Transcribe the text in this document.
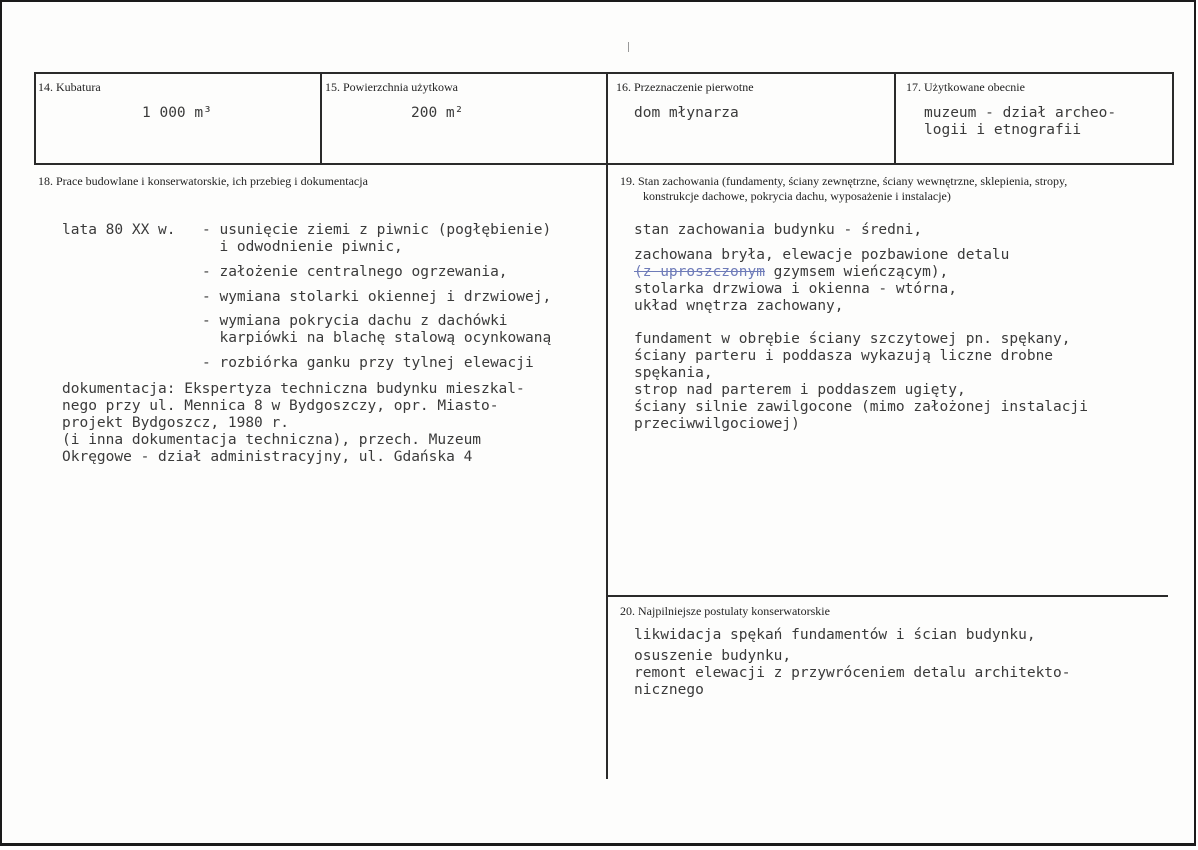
14. Kubatura
1 000 m³
15. Powierzchnia użytkowa
200 m²
16. Przeznaczenie pierwotne
dom młynarza
17. Użytkowane obecnie
muzeum - dział archeo-
logii i etnografii
18. Prace budowlane i konserwatorskie, ich przebieg i dokumentacja
lata 80 XX w. - usunięcie ziemi z piwnic (pogłębienie)
i odwodnienie piwnic,
- założenie centralnego ogrzewania,
- wymiana stolarki okiennej i drzwiowej,
- wymiana pokrycia dachu z dachówki
karpiówki na blachę stalową ocynkowaną
- rozbiórka ganku przy tylnej elewacji
dokumentacja: Ekspertyza techniczna budynku mieszkal-
nego przy ul. Mennica 8 w Bydgoszczy, opr. Miasto-
projekt Bydgoszcz, 1980 r.
(i inna dokumentacja techniczna), przech. Muzeum
Okręgowe - dział administracyjny, ul. Gdańska 4
19. Stan zachowania (fundamenty, ściany zewnętrzne, ściany wewnętrzne, sklepienia, stropy,
konstrukcje dachowe, pokrycia dachu, wyposażenie i instalacje)
stan zachowania budynku - średni,
zachowana bryła, elewacje pozbawione detalu
(z uproszczonym gzymsem wieńczącym),
stolarka drzwiowa i okienna - wtórna,
układ wnętrza zachowany,
fundament w obrębie ściany szczytowej pn. spękany,
ściany parteru i poddasza wykazują liczne drobne
spękania,
strop nad parterem i poddaszem ugięty,
ściany silnie zawilgocone (mimo założonej instalacji
przeciwwilgociowej)
20. Najpilniejsze postulaty konserwatorskie
likwidacja spękań fundamentów i ścian budynku,
osuszenie budynku,
remont elewacji z przywróceniem detalu architekto-
nicznego
